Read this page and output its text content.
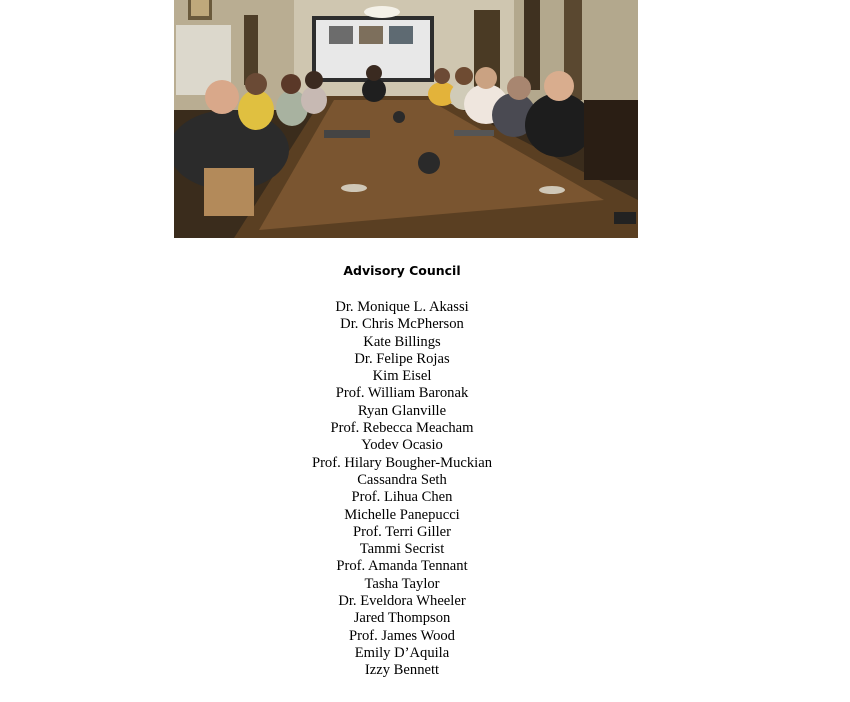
Advisory Council
Dr. Monique L. Akassi
Dr. Chris McPherson
Kate Billings
Dr. Felipe Rojas
Kim Eisel
Prof. William Baronak
Ryan Glanville
Prof. Rebecca Meacham
Yodev Ocasio
Prof. Hilary Bougher-Muckian
Cassandra Seth
Prof. Lihua Chen
Michelle Panepucci
Prof. Terri Giller
Tammi Secrist
Prof. Amanda Tennant
Tasha Taylor
Dr. Eveldora Wheeler
Jared Thompson
Prof. James Wood
Emily D’Aquila
Izzy Bennett
